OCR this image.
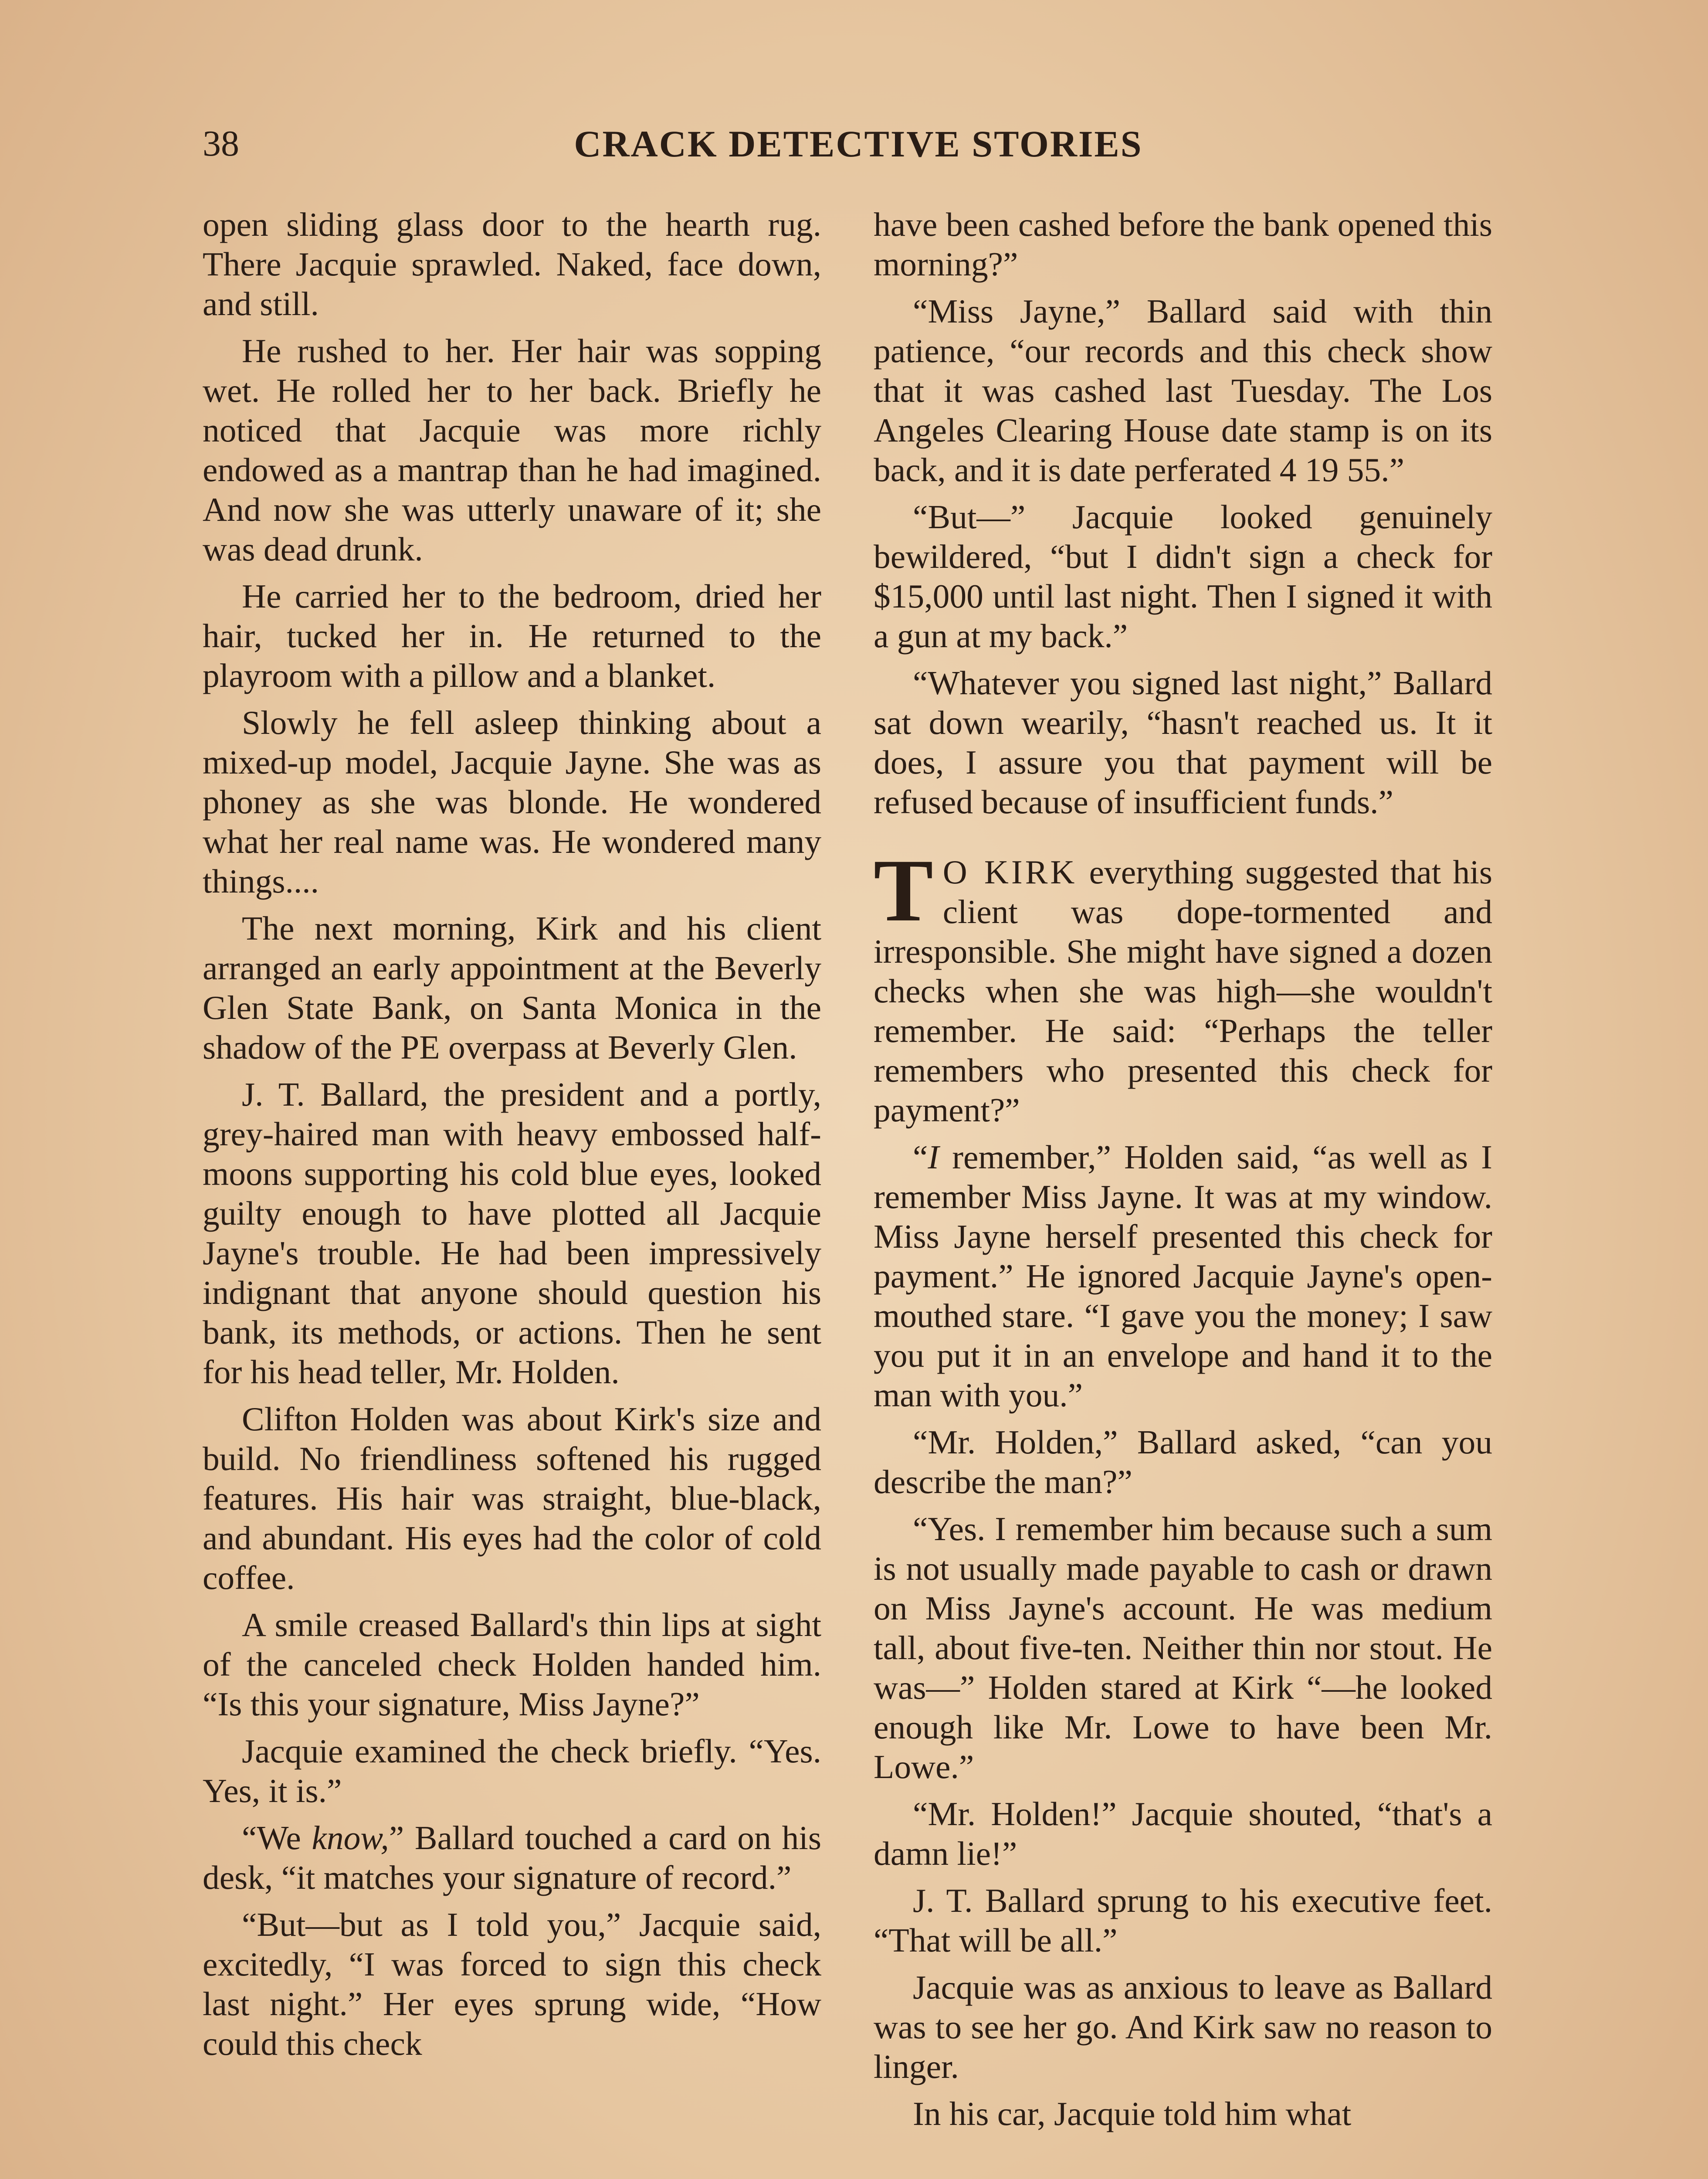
38	CRACK DETECTIVE STORIES

open sliding glass door to the hearth rug. There Jacquie sprawled. Naked, face down, and still.

He rushed to her. Her hair was sopping wet. He rolled her to her back. Briefly he noticed that Jacquie was more richly endowed as a mantrap than he had imagined. And now she was utterly unaware of it; she was dead drunk.

He carried her to the bedroom, dried her hair, tucked her in. He returned to the playroom with a pillow and a blanket.

Slowly he fell asleep thinking about a mixed-up model, Jacquie Jayne. She was as phoney as she was blonde. He wondered what her real name was. He wondered many things....

The next morning, Kirk and his client arranged an early appointment at the Beverly Glen State Bank, on Santa Monica in the shadow of the PE overpass at Beverly Glen.

J. T. Ballard, the president and a portly, grey-haired man with heavy embossed half-moons supporting his cold blue eyes, looked guilty enough to have plotted all Jacquie Jayne's trouble. He had been impressively indignant that anyone should question his bank, its methods, or actions. Then he sent for his head teller, Mr. Holden.

Clifton Holden was about Kirk's size and build. No friendliness softened his rugged features. His hair was straight, blue-black, and abundant. His eyes had the color of cold coffee.

A smile creased Ballard's thin lips at sight of the canceled check Holden handed him. “Is this your signature, Miss Jayne?”

Jacquie examined the check briefly. “Yes. Yes, it is.”

“We know,” Ballard touched a card on his desk, “it matches your signature of record.”

“But—but as I told you,” Jacquie said, excitedly, “I was forced to sign this check last night.” Her eyes sprung wide, “How could this check

have been cashed before the bank opened this morning?”

“Miss Jayne,” Ballard said with thin patience, “our records and this check show that it was cashed last Tuesday. The Los Angeles Clearing House date stamp is on its back, and it is date perferated 4 19 55.”

“But—” Jacquie looked genuinely bewildered, “but I didn't sign a check for $15,000 until last night. Then I signed it with a gun at my back.”

“Whatever you signed last night,” Ballard sat down wearily, “hasn't reached us. It it does, I assure you that payment will be refused because of insufficient funds.”

T O KIRK everything suggested that his client was dope-tormented and irresponsible. She might have signed a dozen checks when she was high—she wouldn't remember. He said: “Perhaps the teller remembers who presented this check for payment?”

“I remember,” Holden said, “as well as I remember Miss Jayne. It was at my window. Miss Jayne herself presented this check for payment.” He ignored Jacquie Jayne's open-mouthed stare. “I gave you the money; I saw you put it in an envelope and hand it to the man with you.”

“Mr. Holden,” Ballard asked, “can you describe the man?”

“Yes. I remember him because such a sum is not usually made payable to cash or drawn on Miss Jayne's account. He was medium tall, about five-ten. Neither thin nor stout. He was—” Holden stared at Kirk “—he looked enough like Mr. Lowe to have been Mr. Lowe.”

“Mr. Holden!” Jacquie shouted, “that's a damn lie!”

J. T. Ballard sprung to his executive feet. “That will be all.”

Jacquie was as anxious to leave as Ballard was to see her go. And Kirk saw no reason to linger.

In his car, Jacquie told him what
